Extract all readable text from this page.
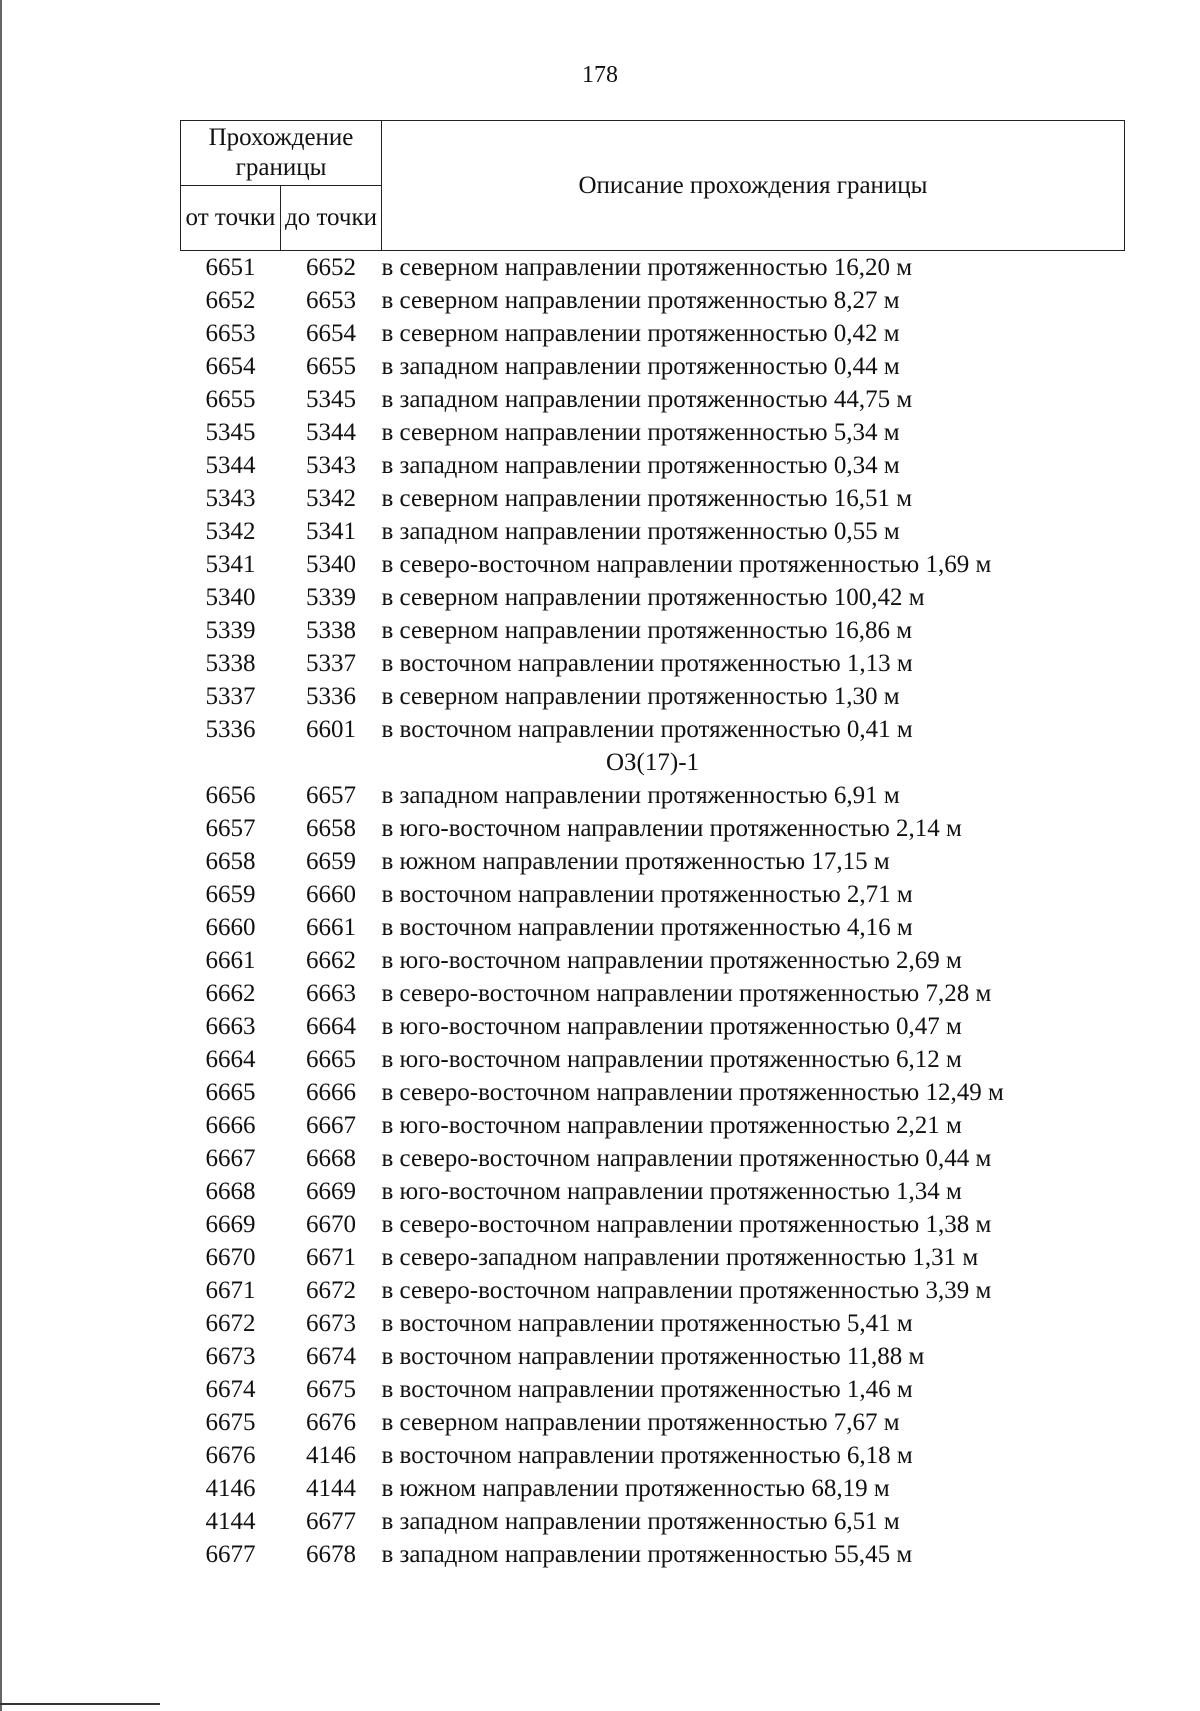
178
Прохождение границы		Описание прохождения границы
от точки	до точки	
6651	6652	в северном направлении протяженностью 16,20 м
6652	6653	в северном направлении протяженностью 8,27 м
6653	6654	в северном направлении протяженностью 0,42 м
6654	6655	в западном направлении протяженностью 0,44 м
6655	5345	в западном направлении протяженностью 44,75 м
5345	5344	в северном направлении протяженностью 5,34 м
5344	5343	в западном направлении протяженностью 0,34 м
5343	5342	в северном направлении протяженностью 16,51 м
5342	5341	в западном направлении протяженностью 0,55 м
5341	5340	в северо-восточном направлении протяженностью 1,69 м
5340	5339	в северном направлении протяженностью 100,42 м
5339	5338	в северном направлении протяженностью 16,86 м
5338	5337	в восточном направлении протяженностью 1,13 м
5337	5336	в северном направлении протяженностью 1,30 м
5336	6601	в восточном направлении протяженностью 0,41 м
ОЗ(17)-1		
6656	6657	в западном направлении протяженностью 6,91 м
6657	6658	в юго-восточном направлении протяженностью 2,14 м
6658	6659	в южном направлении протяженностью 17,15 м
6659	6660	в восточном направлении протяженностью 2,71 м
6660	6661	в восточном направлении протяженностью 4,16 м
6661	6662	в юго-восточном направлении протяженностью 2,69 м
6662	6663	в северо-восточном направлении протяженностью 7,28 м
6663	6664	в юго-восточном направлении протяженностью 0,47 м
6664	6665	в юго-восточном направлении протяженностью 6,12 м
6665	6666	в северо-восточном направлении протяженностью 12,49 м
6666	6667	в юго-восточном направлении протяженностью 2,21 м
6667	6668	в северо-восточном направлении протяженностью 0,44 м
6668	6669	в юго-восточном направлении протяженностью 1,34 м
6669	6670	в северо-восточном направлении протяженностью 1,38 м
6670	6671	в северо-западном направлении протяженностью 1,31 м
6671	6672	в северо-восточном направлении протяженностью 3,39 м
6672	6673	в восточном направлении протяженностью 5,41 м
6673	6674	в восточном направлении протяженностью 11,88 м
6674	6675	в восточном направлении протяженностью 1,46 м
6675	6676	в северном направлении протяженностью 7,67 м
6676	4146	в восточном направлении протяженностью 6,18 м
4146	4144	в южном направлении протяженностью 68,19 м
4144	6677	в западном направлении протяженностью 6,51 м
6677	6678	в западном направлении протяженностью 55,45 м
